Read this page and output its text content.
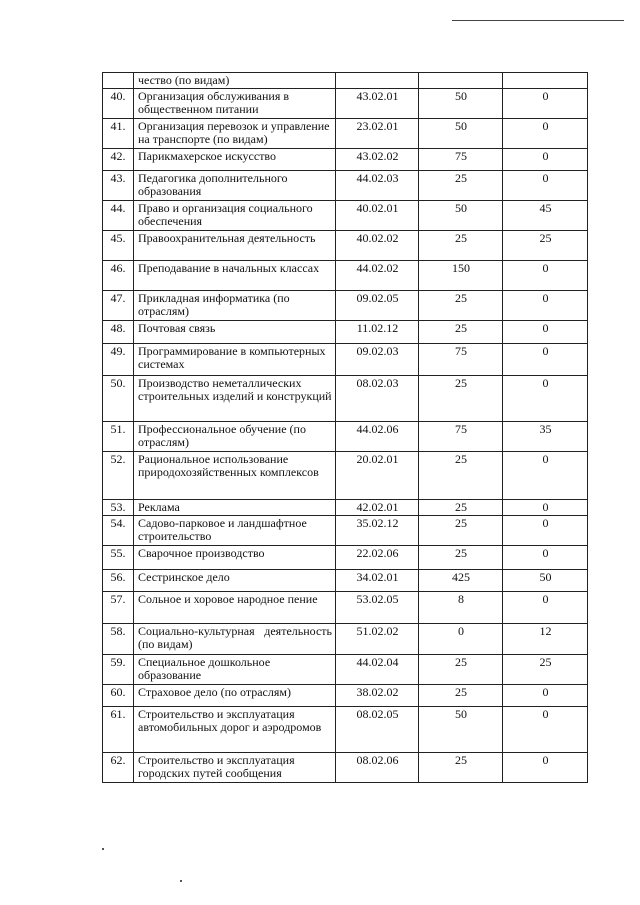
	чество (по видам)			
40.	Организация обслуживания в общественном питании	43.02.01	50	0
41.	Организация перевозок и управление на транспорте (по видам)	23.02.01	50	0
42.	Парикмахерское искусство	43.02.02	75	0
43.	Педагогика дополнительного образования	44.02.03	25	0
44.	Право и организация социального обеспечения	40.02.01	50	45
45.	Правоохранительная деятельность	40.02.02	25	25
46.	Преподавание в начальных классах	44.02.02	150	0
47.	Прикладная информатика (по отраслям)	09.02.05	25	0
48.	Почтовая связь	11.02.12	25	0
49.	Программирование в компьютерных системах	09.02.03	75	0
50.	Производство неметаллических строительных изделий и конструкций	08.02.03	25	0
51.	Профессиональное обучение (по отраслям)	44.02.06	75	35
52.	Рациональное использование природохозяйственных комплексов	20.02.01	25	0
53.	Реклама	42.02.01	25	0
54.	Садово-парковое и ландшафтное строительство	35.02.12	25	0
55.	Сварочное производство	22.02.06	25	0
56.	Сестринское дело	34.02.01	425	50
57.	Сольное и хоровое народное пение	53.02.05	8	0
58.	Социально-культурная деятельность (по видам)	51.02.02	0	12
59.	Специальное дошкольное образование	44.02.04	25	25
60.	Страховое дело (по отраслям)	38.02.02	25	0
61.	Строительство и эксплуатация автомобильных дорог и аэродромов	08.02.05	50	0
62.	Строительство и эксплуатация городских путей сообщения	08.02.06	25	0
